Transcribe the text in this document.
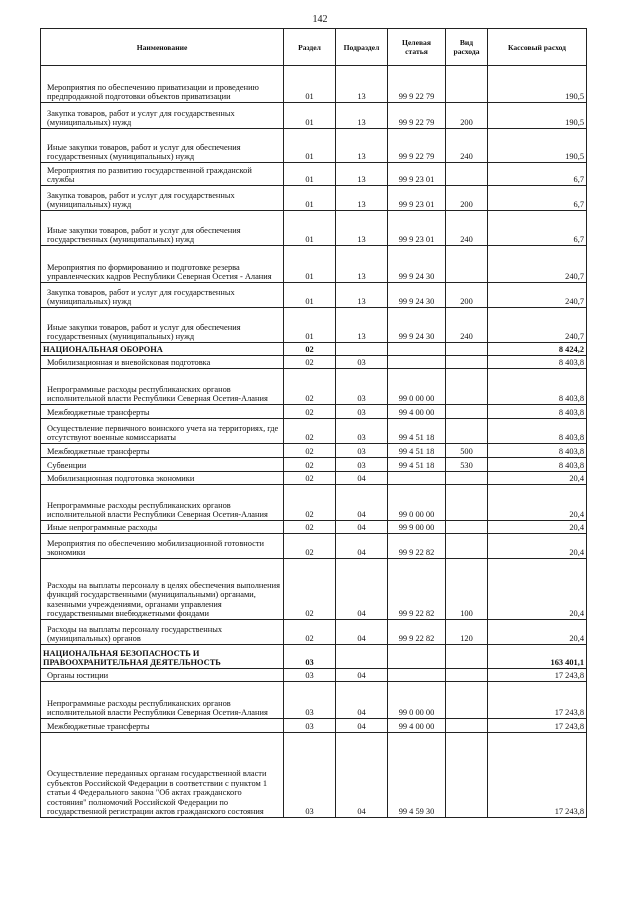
142
Наименование	Раздел	Подраздел	Целевая статья	Вид расхода	Кассовый расход
Мероприятия по обеспечению приватизации и проведению предпродажной подготовки объектов приватизации	01	13	99 9 22 79		190,5
Закупка товаров, работ и услуг для государственных (муниципальных) нужд	01	13	99 9 22 79	200	190,5
Иные закупки товаров, работ и услуг для обеспечения государственных (муниципальных) нужд	01	13	99 9 22 79	240	190,5
Мероприятия по развитию государственной гражданской службы	01	13	99 9 23 01		6,7
Закупка товаров, работ и услуг для государственных (муниципальных) нужд	01	13	99 9 23 01	200	6,7
Иные закупки товаров, работ и услуг для обеспечения государственных (муниципальных) нужд	01	13	99 9 23 01	240	6,7
Мероприятия по формированию и подготовке резерва управленческих кадров Республики Северная Осетия - Алания	01	13	99 9 24 30		240,7
Закупка товаров, работ и услуг для государственных (муниципальных) нужд	01	13	99 9 24 30	200	240,7
Иные закупки товаров, работ и услуг для обеспечения государственных (муниципальных) нужд	01	13	99 9 24 30	240	240,7
НАЦИОНАЛЬНАЯ ОБОРОНА	02				8 424,2
Мобилизационная и вневойсковая подготовка	02	03			8 403,8
Непрограммные расходы республиканских органов исполнительной власти Республики Северная Осетия-Алания	02	03	99 0 00 00		8 403,8
Межбюджетные трансферты	02	03	99 4 00 00		8 403,8
Осуществление первичного воинского учета на территориях, где отсутствуют военные комиссариаты	02	03	99 4 51 18		8 403,8
Межбюджетные трансферты	02	03	99 4 51 18	500	8 403,8
Субвенции	02	03	99 4 51 18	530	8 403,8
Мобилизационная подготовка экономики	02	04			20,4
Непрограммные расходы республиканских органов исполнительной власти Республики Северная Осетия-Алания	02	04	99 0 00 00		20,4
Иные непрограммные расходы	02	04	99 9 00 00		20,4
Мероприятия по обеспечению мобилизационной готовности экономики	02	04	99 9 22 82		20,4
Расходы на выплаты персоналу в целях обеспечения выполнения функций государственными (муниципальными) органами, казенными учреждениями, органами управления государственными внебюджетными фондами	02	04	99 9 22 82	100	20,4
Расходы на выплаты персоналу государственных (муниципальных) органов	02	04	99 9 22 82	120	20,4
НАЦИОНАЛЬНАЯ БЕЗОПАСНОСТЬ И ПРАВООХРАНИТЕЛЬНАЯ ДЕЯТЕЛЬНОСТЬ	03				163 401,1
Органы юстиции	03	04			17 243,8
Непрограммные расходы республиканских органов исполнительной власти Республики Северная Осетия-Алания	03	04	99 0 00 00		17 243,8
Межбюджетные трансферты	03	04	99 4 00 00		17 243,8
Осуществление переданных органам государственной власти субъектов Российской Федерации в соответствии с пунктом 1 статьи 4 Федерального закона "Об актах гражданского состояния" полномочий Российской Федерации по государственной регистрации актов гражданского состояния	03	04	99 4 59 30		17 243,8
